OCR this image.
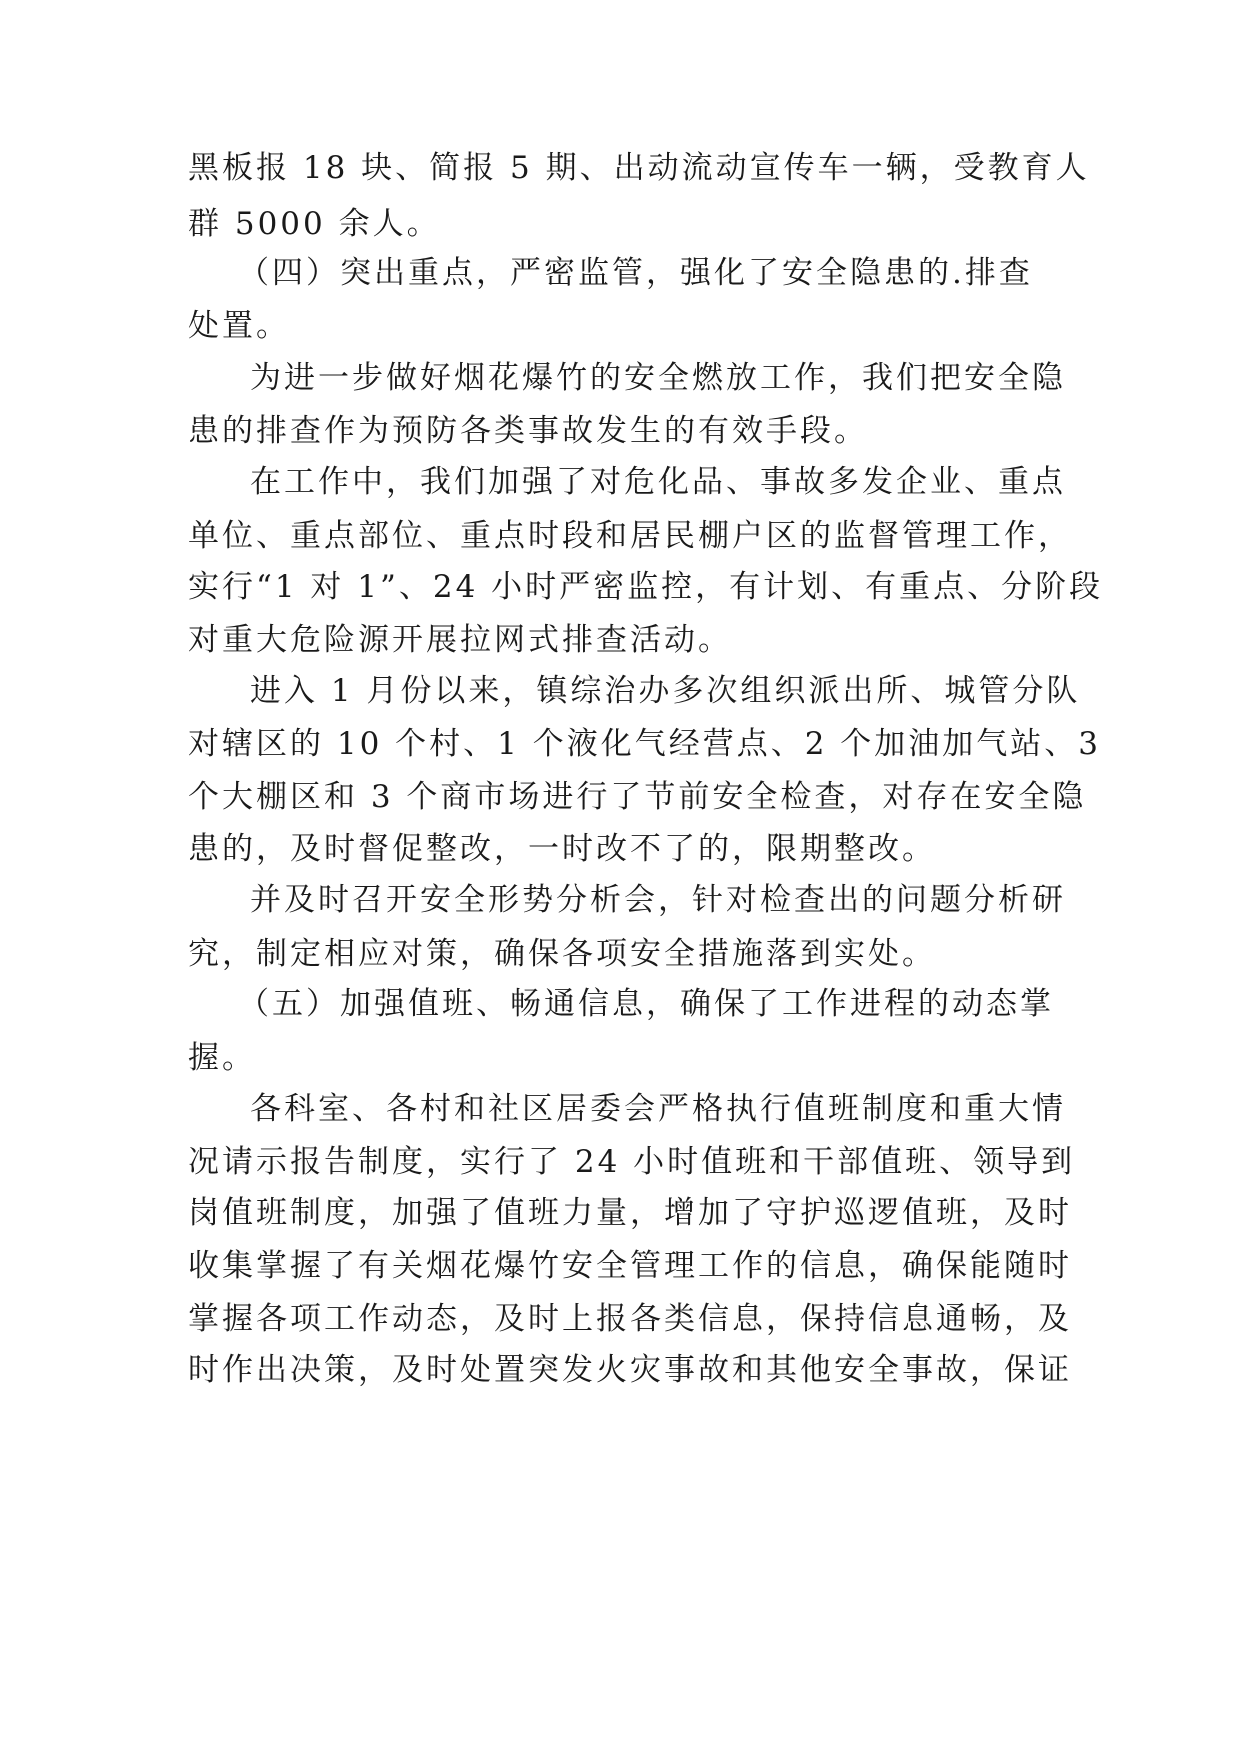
黑板报 18 块、简报 5 期、出动流动宣传车一辆，受教育人
群 5000 余人。
（四）突出重点，严密监管，强化了安全隐患的.排查
处置。
为进一步做好烟花爆竹的安全燃放工作，我们把安全隐
患的排查作为预防各类事故发生的有效手段。
在工作中，我们加强了对危化品、事故多发企业、重点
单位、重点部位、重点时段和居民棚户区的监督管理工作，
实行“1 对 1”、24 小时严密监控，有计划、有重点、分阶段
对重大危险源开展拉网式排查活动。
进入 1 月份以来，镇综治办多次组织派出所、城管分队
对辖区的 10 个村、1 个液化气经营点、2 个加油加气站、3
个大棚区和 3 个商市场进行了节前安全检查，对存在安全隐
患的，及时督促整改，一时改不了的，限期整改。
并及时召开安全形势分析会，针对检查出的问题分析研
究，制定相应对策，确保各项安全措施落到实处。
（五）加强值班、畅通信息，确保了工作进程的动态掌
握。
各科室、各村和社区居委会严格执行值班制度和重大情
况请示报告制度，实行了 24 小时值班和干部值班、领导到
岗值班制度，加强了值班力量，增加了守护巡逻值班，及时
收集掌握了有关烟花爆竹安全管理工作的信息，确保能随时
掌握各项工作动态，及时上报各类信息，保持信息通畅，及
时作出决策，及时处置突发火灾事故和其他安全事故，保证
